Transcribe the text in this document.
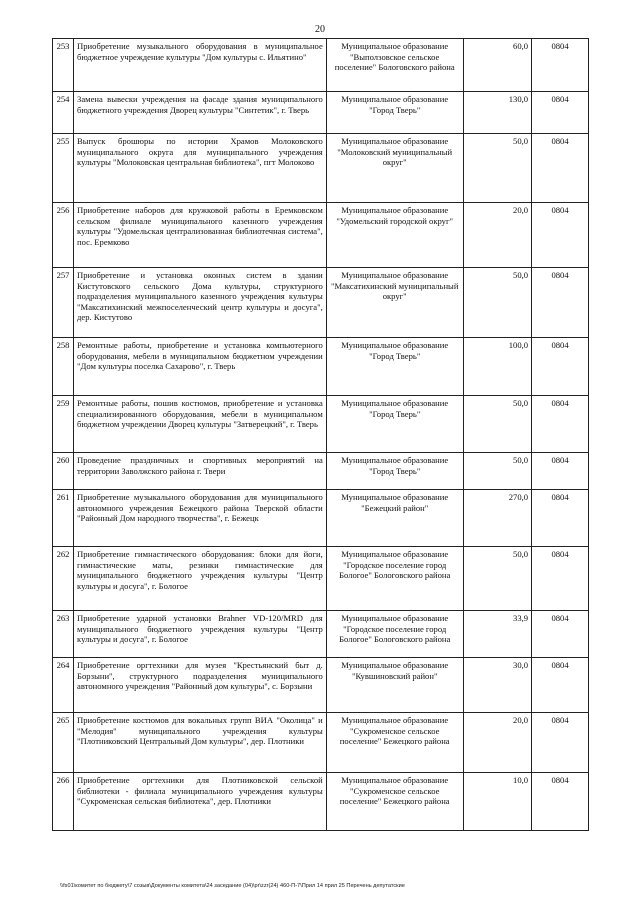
20
253	Приобретение музыкального оборудования в муниципальное бюджетное учреждение культуры "Дом культуры с. Ильятино"	Муниципальное образование "Выползовское сельское поселение" Бологовского района	60,0	0804
254	Замена вывески учреждения на фасаде здания муниципального бюджетного учреждения Дворец культуры "Синтетик", г. Тверь	Муниципальное образование "Город Тверь"	130,0	0804
255	Выпуск брошюры по истории Храмов Молоковского муниципального округа для муниципального учреждения культуры "Молоковская центральная библиотека", пгт Молоково	Муниципальное образование "Молоковский муниципальный округ"	50,0	0804
256	Приобретение наборов для кружковой работы в Еремковском сельском филиале муниципального казенного учреждения культуры "Удомельская централизованная библиотечная система", пос. Еремково	Муниципальное образование "Удомельский городской округ"	20,0	0804
257	Приобретение и установка оконных систем в здании Кистутовского сельского Дома культуры, структурного подразделения муниципального казенного учреждения культуры "Максатихинский межпоселенческий центр культуры и досуга", дер. Кистутово	Муниципальное образование "Максатихинский муниципальный округ"	50,0	0804
258	Ремонтные работы, приобретение и установка компьютерного оборудования, мебели в муниципальном бюджетном учреждении "Дом культуры поселка Сахарово", г. Тверь	Муниципальное образование "Город Тверь"	100,0	0804
259	Ремонтные работы, пошив костюмов, приобретение и установка специализированного оборудования, мебели в муниципальном бюджетном учреждении Дворец культуры "Затверецкий", г. Тверь	Муниципальное образование "Город Тверь"	50,0	0804
260	Проведение праздничных и спортивных мероприятий на территории Заволжского района г. Твери	Муниципальное образование "Город Тверь"	50,0	0804
261	Приобретение музыкального оборудования для муниципального автономного учреждения Бежецкого района Тверской области "Районный Дом народного творчества", г. Бежецк	Муниципальное образование "Бежецкий район"	270,0	0804
262	Приобретение гимнастического оборудования: блоки для йоги, гимнастические маты, резинки гимнастические для муниципального бюджетного учреждения культуры "Центр культуры и досуга", г. Бологое	Муниципальное образование "Городское поселение город Бологое" Бологовского района	50,0	0804
263	Приобретение ударной установки Brahner VD-120/MRD для муниципального бюджетного учреждения культуры "Центр культуры и досуга", г. Бологое	Муниципальное образование "Городское поселение город Бологое" Бологовского района	33,9	0804
264	Приобретение оргтехники для музея "Крестьянский быт д. Борзыни", структурного подразделения муниципального автономного учреждения "Районный дом культуры", с. Борзыни	Муниципальное образование "Кувшиновский район"	30,0	0804
265	Приобретение костюмов для вокальных групп ВИА "Околица" и "Мелодия" муниципального учреждения культуры "Плотниковский Центральный Дом культуры", дер. Плотники	Муниципальное образование "Сукроменское сельское поселение" Бежецкого района	20,0	0804
266	Приобретение оргтехники для Плотниковской сельской библиотеки - филиала муниципального учреждения культуры "Сукроменская сельская библиотека", дер. Плотники	Муниципальное образование "Сукроменское сельское поселение" Бежецкого района	10,0	0804
\\fs01\комитет по бюджету\7 созыв\Документы комитета\24 заседание (04)\pr\zzr(24) 460-П-7\Прил 14 прил 25 Перечень депутатские
